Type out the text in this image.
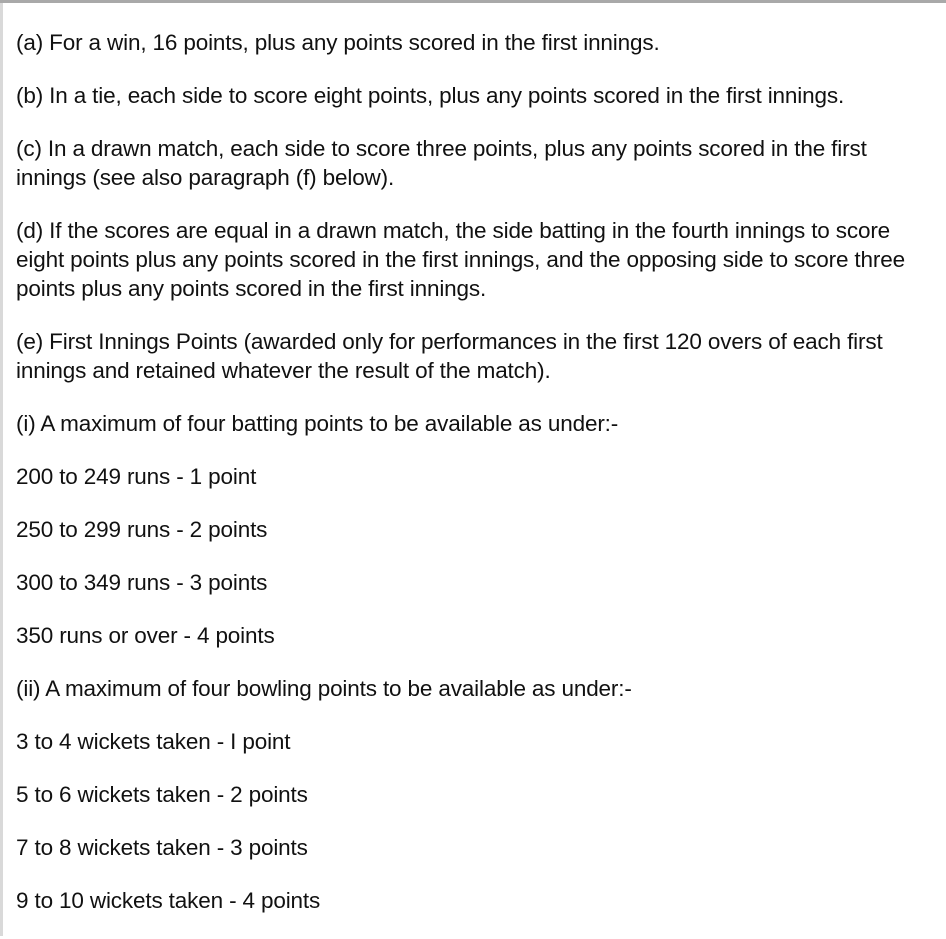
(a) For a win, 16 points, plus any points scored in the first innings.

(b) In a tie, each side to score eight points, plus any points scored in the first innings.

(c) In a drawn match, each side to score three points, plus any points scored in the first innings (see also paragraph (f) below).

(d) If the scores are equal in a drawn match, the side batting in the fourth innings to score eight points plus any points scored in the first innings, and the opposing side to score three points plus any points scored in the first innings.

(e) First Innings Points (awarded only for performances in the first 120 overs of each first innings and retained whatever the result of the match).

(i) A maximum of four batting points to be available as under:-

200 to 249 runs - 1 point

250 to 299 runs - 2 points

300 to 349 runs - 3 points

350 runs or over - 4 points

(ii) A maximum of four bowling points to be available as under:-

3 to 4 wickets taken - I point

5 to 6 wickets taken - 2 points

7 to 8 wickets taken - 3 points

9 to 10 wickets taken - 4 points
